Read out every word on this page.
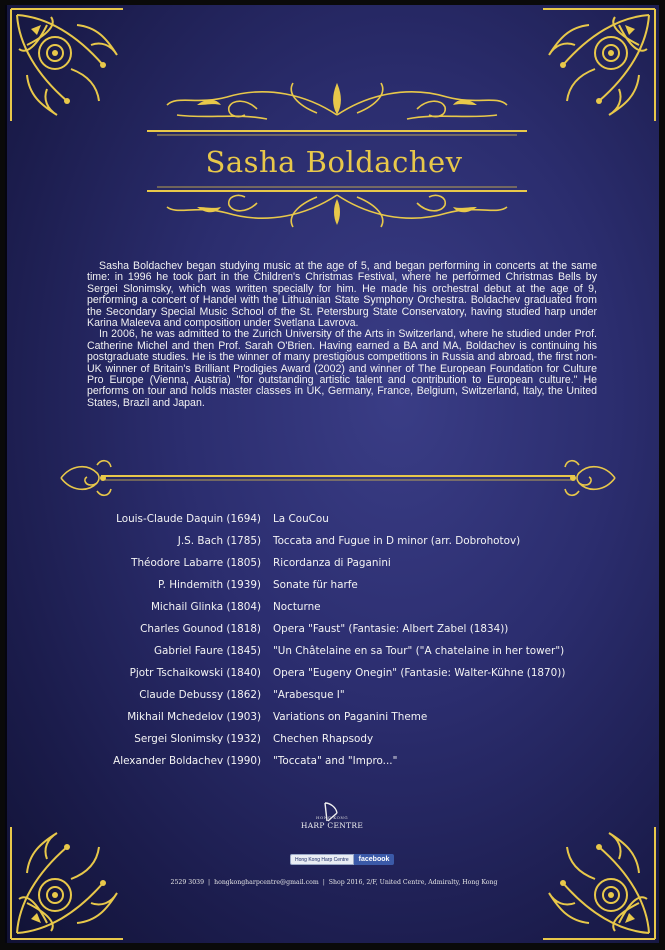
Sasha Boldachev

Sasha Boldachev began studying music at the age of 5, and began performing in concerts at the same time: in 1996 he took part in the Children's Christmas Festival, where he performed Christmas Bells by Sergei Slonimsky, which was written specially for him. He made his orchestral debut at the age of 9, performing a concert of Handel with the Lithuanian State Symphony Orchestra. Boldachev graduated from the Secondary Special Music School of the St. Petersburg State Conservatory, having studied harp under Karina Maleeva and composition under Svetlana Lavrova.

In 2006, he was admitted to the Zurich University of the Arts in Switzerland, where he studied under Prof. Catherine Michel and then Prof. Sarah O'Brien. Having earned a BA and MA, Boldachev is continuing his postgraduate studies. He is the winner of many prestigious competitions in Russia and abroad, the first non-UK winner of Britain's Brilliant Prodigies Award (2002) and winner of The European Foundation for Culture Pro Europe (Vienna, Austria) "for outstanding artistic talent and contribution to European culture." He performs on tour and holds master classes in UK, Germany, France, Belgium, Switzerland, Italy, the United States, Brazil and Japan.

Louis-Claude Daquin (1694) La CouCou
J.S. Bach (1785) Toccata and Fugue in D minor (arr. Dobrohotov)
Théodore Labarre (1805) Ricordanza di Paganini
P. Hindemith (1939) Sonate für harfe
Michail Glinka (1804) Nocturne
Charles Gounod (1818) Opera "Faust" (Fantasie: Albert Zabel (1834))
Gabriel Faure (1845) "Un Châtelaine en sa Tour" ("A chatelaine in her tower")
Pjotr Tschaikowski (1840) Opera "Eugeny Onegin" (Fantasie: Walter-Kühne (1870))
Claude Debussy (1862) "Arabesque I"
Mikhail Mchedelov (1903) Variations on Paganini Theme
Sergei Slonimsky (1932) Chechen Rhapsody
Alexander Boldachev (1990) "Toccata" and "Impro..."
HONG KONG
HARP CENTRE
Hong Kong Harp Centre	facebook
2529 3039 | hongkongharpcentre@gmail.com | Shop 2016, 2/F, United Centre, Admiralty, Hong Kong
